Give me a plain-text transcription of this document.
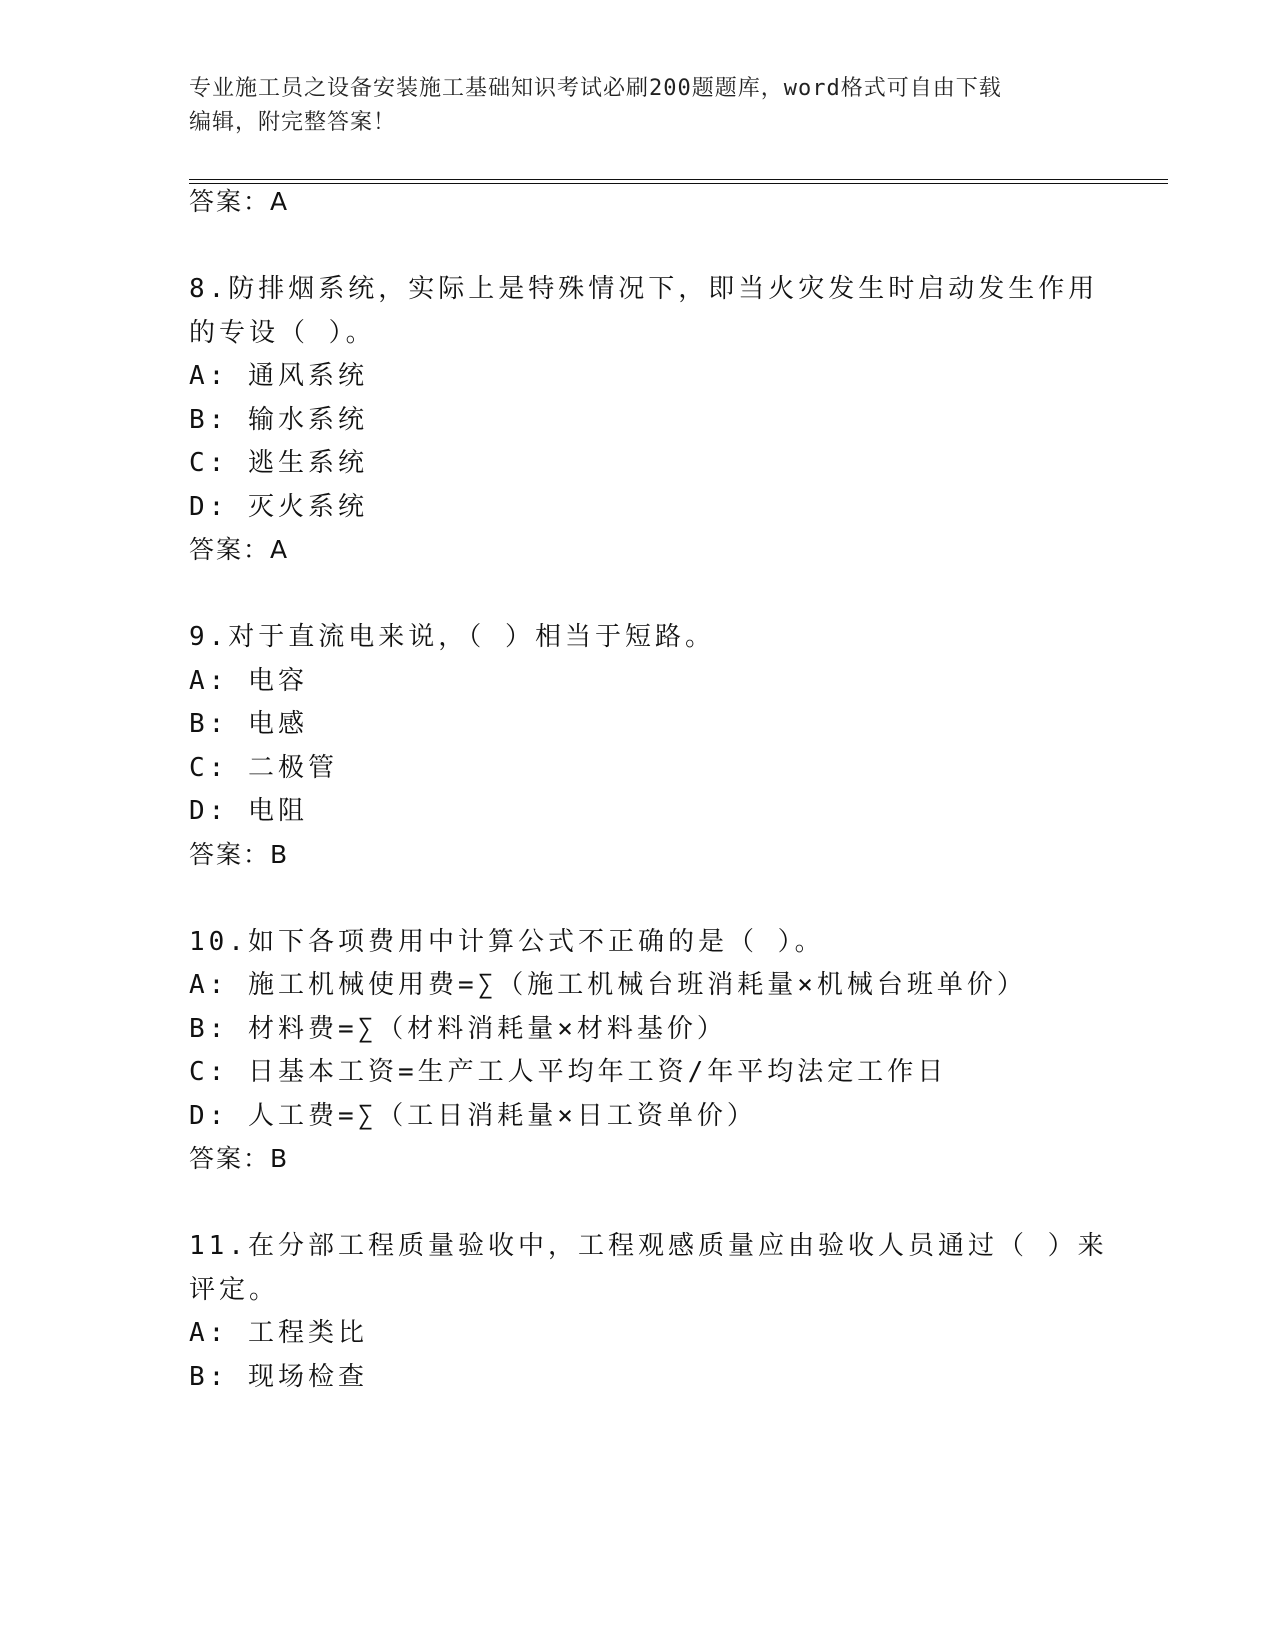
专业施工员之设备安装施工基础知识考试必刷200题题库，word格式可自由下载
编辑，附完整答案！
答案：A
8.防排烟系统，实际上是特殊情况下，即当火灾发生时启动发生作用
的专设（ ）。
A: 通风系统
B: 输水系统
C: 逃生系统
D: 灭火系统
答案：A
9.对于直流电来说，（ ）相当于短路。
A: 电容
B: 电感
C: 二极管
D: 电阻
答案：B
10.如下各项费用中计算公式不正确的是（ ）。
A: 施工机械使用费=∑（施工机械台班消耗量×机械台班单价）
B: 材料费=∑（材料消耗量×材料基价）
C: 日基本工资=生产工人平均年工资/年平均法定工作日
D: 人工费=∑（工日消耗量×日工资单价）
答案：B
11.在分部工程质量验收中，工程观感质量应由验收人员通过（ ）来
评定。
A: 工程类比
B: 现场检查
